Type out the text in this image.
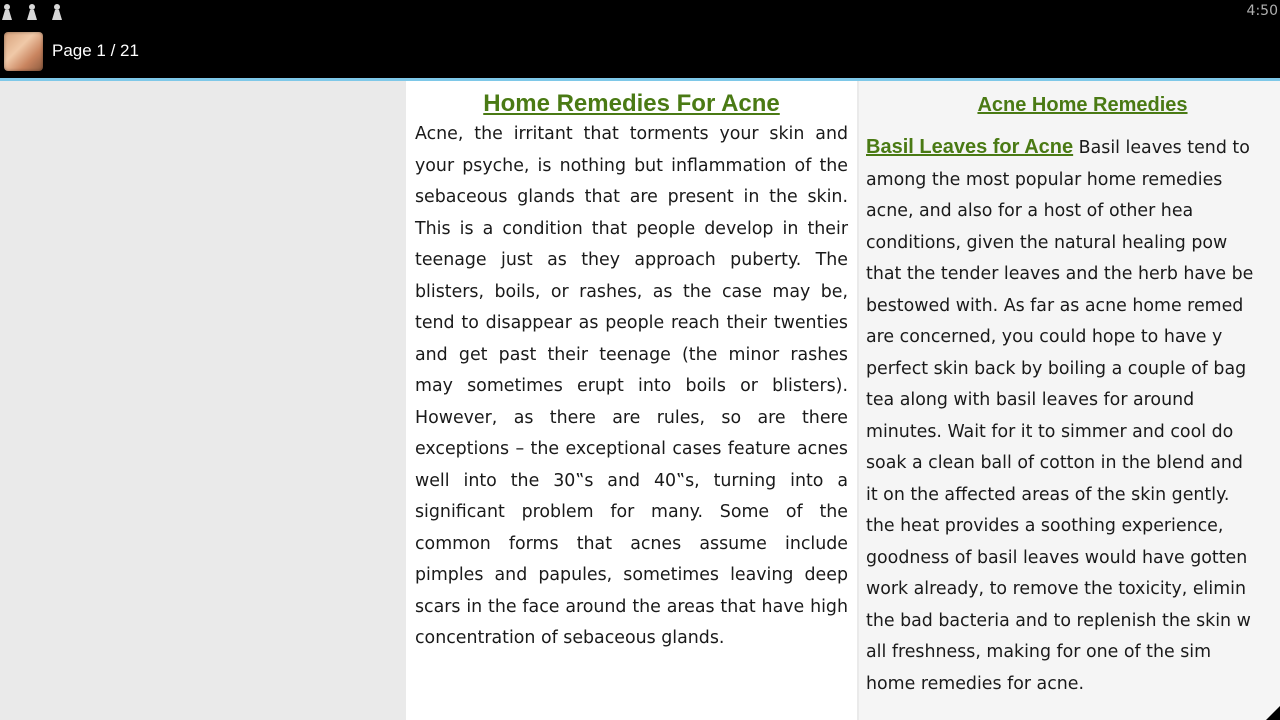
4:50
Page 1 / 21
Home Remedies For Acne
Acne, the irritant that torments your skin and your psyche, is nothing but inflammation of the sebaceous glands that are present in the skin. This is a condition that people develop in their teenage just as they approach puberty. The blisters, boils, or rashes, as the case may be, tend to disappear as people reach their twenties and get past their teenage (the minor rashes may sometimes erupt into boils or blisters). However, as there are rules, so are there exceptions – the exceptional cases feature acnes well into the 30‟s and 40‟s, turning into a significant problem for many. Some of the common forms that acnes assume include pimples and papules, sometimes leaving deep scars in the face around the areas that have high concentration of sebaceous glands.
Acne Home Remedies
Basil Leaves for Acne Basil leaves tend to
among the most popular home remedies
acne, and also for a host of other hea
conditions, given the natural healing pow
that the tender leaves and the herb have be
bestowed with. As far as acne home remed
are concerned, you could hope to have y
perfect skin back by boiling a couple of bag
tea along with basil leaves for around
minutes. Wait for it to simmer and cool do
soak a clean ball of cotton in the blend and
it on the affected areas of the skin gently.
the heat provides a soothing experience,
goodness of basil leaves would have gotten
work already, to remove the toxicity, elimin
the bad bacteria and to replenish the skin w
all freshness, making for one of the sim
home remedies for acne.
